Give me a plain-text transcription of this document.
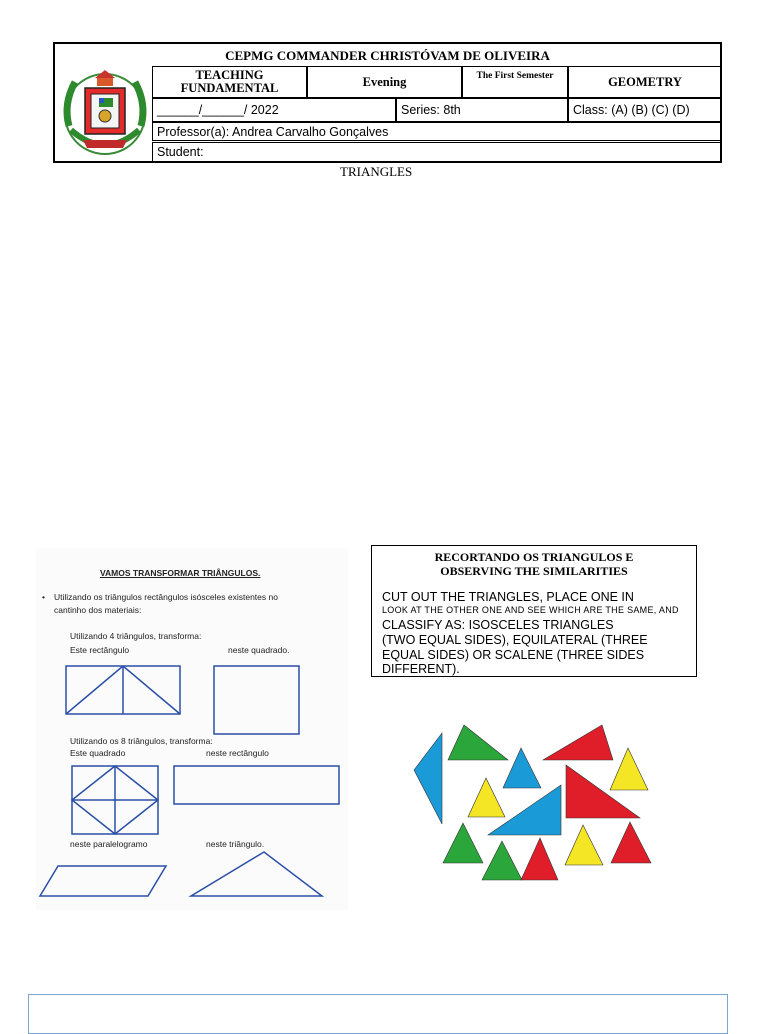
CEPMG COMMANDER CHRISTÓVAM DE OLIVEIRA
TEACHING FUNDAMENTAL	Evening	The First Semester	GEOMETRY
______/______/ 2022	Series: 8th	Class: (A) (B) (C) (D)
Professor(a): Andrea Carvalho Gonçalves
Student:
TRIANGLES
VAMOS TRANSFORMAR TRIÂNGULOS.
• Utilizando os triângulos rectângulos isósceles existentes no
cantinho dos materiais:
Utilizando 4 triângulos, transforma:
Este rectângulo	neste quadrado.
Utilizando os 8 triângulos, transforma:
Este quadrado	neste rectângulo
neste paralelogramo	neste triângulo.
RECORTANDO OS TRIANGULOS E
OBSERVING THE SIMILARITIES
CUT OUT THE TRIANGLES, PLACE ONE IN
LOOK AT THE OTHER ONE AND SEE WHICH ARE THE SAME, AND
CLASSIFY AS: ISOSCELES TRIANGLES
(TWO EQUAL SIDES), EQUILATERAL (THREE
EQUAL SIDES) OR SCALENE (THREE SIDES
DIFFERENT).
